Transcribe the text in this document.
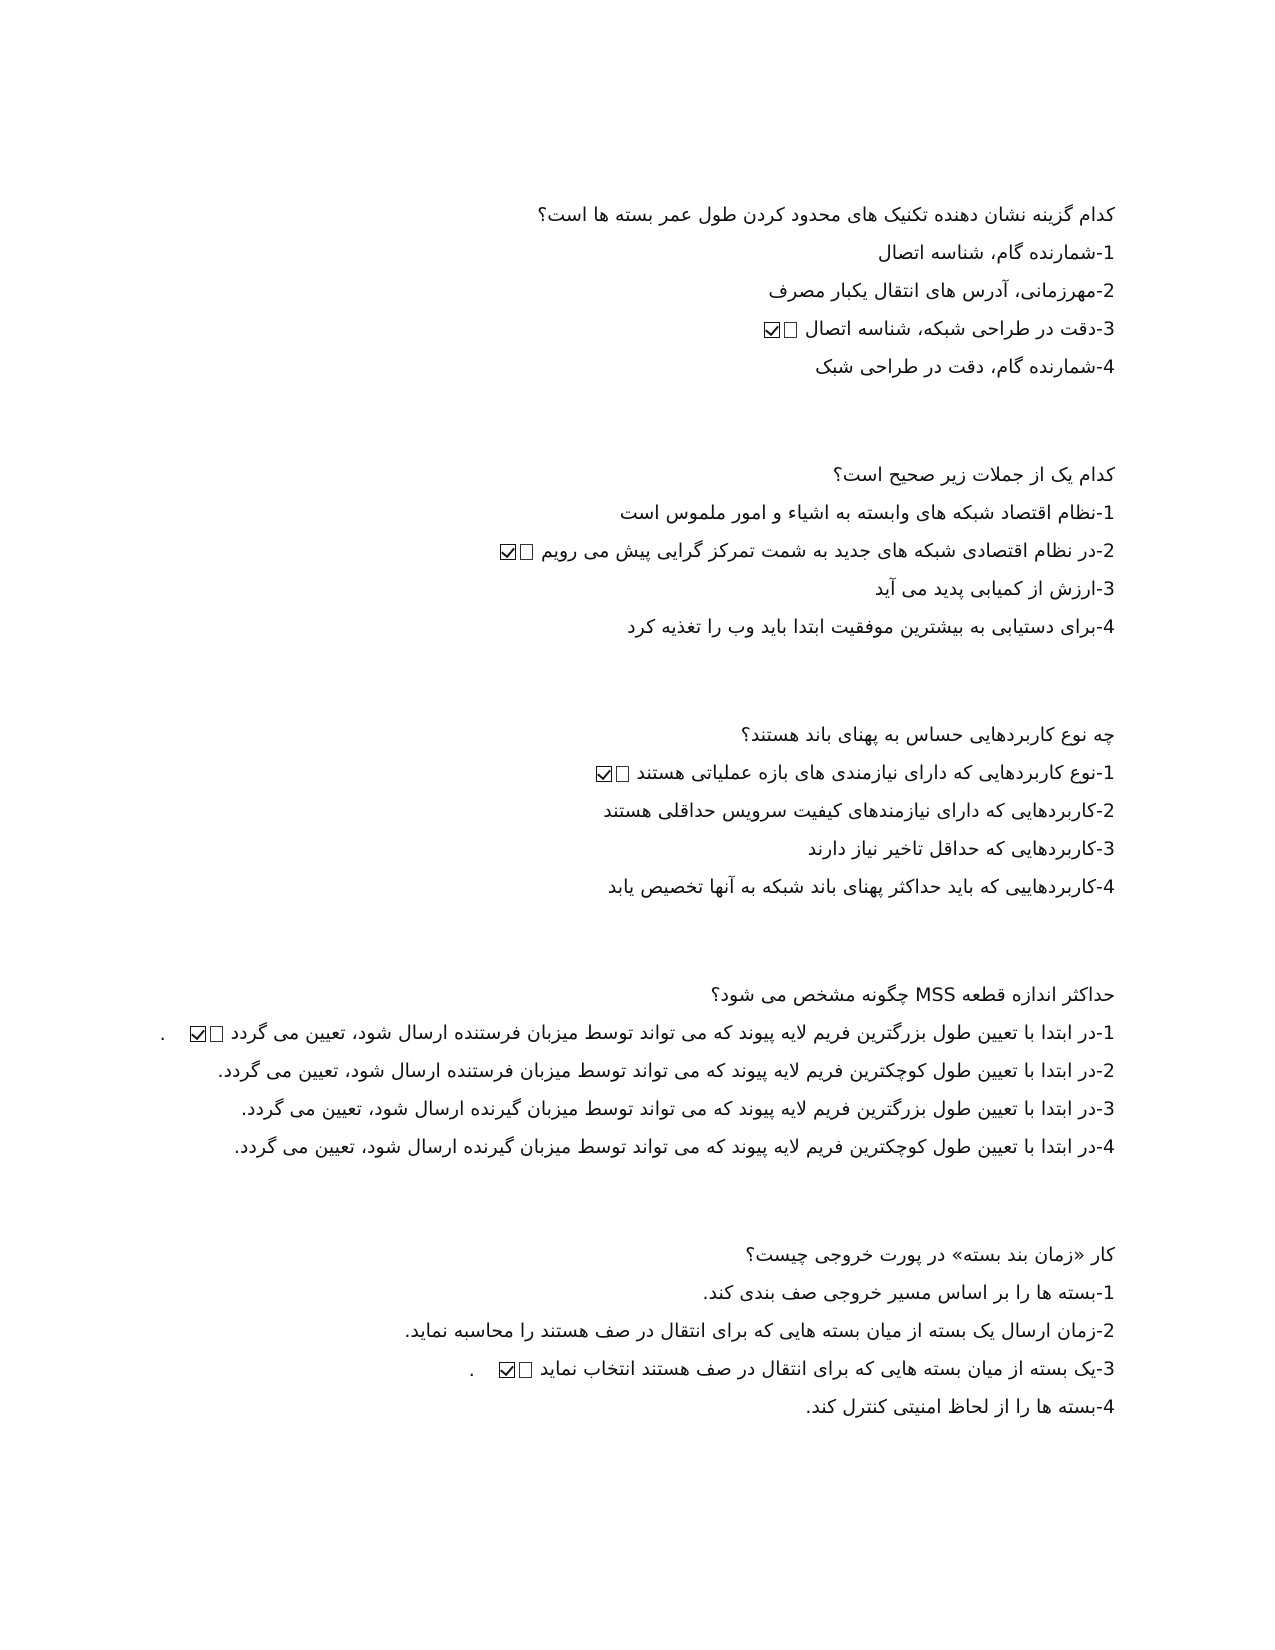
کدام گزینه نشان دهنده تکنیک های محدود کردن طول عمر بسته ها است؟
1-شمارنده گام، شناسه اتصال
2-مهرزمانی، آدرس های انتقال یکبار مصرف
3-دقت در طراحی شبکه، شناسه اتصال
4-شمارنده گام، دقت در طراحی شبک
کدام یک از جملات زیر صحیح است؟
1-نظام اقتصاد شبکه های وابسته به اشیاء و امور ملموس است
2-در نظام اقتصادی شبکه های جدید به شمت تمرکز گرایی پیش می رویم
3-ارزش از کمیابی پدید می آید
4-برای دستیابی به بیشترین موفقیت ابتدا باید وب را تغذیه کرد
چه نوع کاربردهایی حساس به پهنای باند هستند؟
1-نوع کاربردهایی که دارای نیازمندی های بازه عملیاتی هستند
2-کاربردهایی که دارای نیازمندهای کیفیت سرویس حداقلی هستند
3-کاربردهایی که حداقل تاخیر نیاز دارند
4-کاربردهاییی که باید حداکثر پهنای باند شبکه به آنها تخصیص یابد
حداکثر اندازه قطعه MSS چگونه مشخص می شود؟
1-در ابتدا با تعیین طول بزرگترین فریم لایه پیوند که می تواند توسط میزبان فرستنده ارسال شود، تعیین می گردد.
2-در ابتدا با تعیین طول کوچکترین فریم لایه پیوند که می تواند توسط میزبان فرستنده ارسال شود، تعیین می گردد.
3-در ابتدا با تعیین طول بزرگترین فریم لایه پیوند که می تواند توسط میزبان گیرنده ارسال شود، تعیین می گردد.
4-در ابتدا با تعیین طول کوچکترین فریم لایه پیوند که می تواند توسط میزبان گیرنده ارسال شود، تعیین می گردد.
کار «زمان بند بسته» در پورت خروجی چیست؟
1-بسته ها را بر اساس مسیر خروجی صف بندی کند.
2-زمان ارسال یک بسته از میان بسته هایی که برای انتقال در صف هستند را محاسبه نماید.
3-یک بسته از میان بسته هایی که برای انتقال در صف هستند انتخاب نماید.
4-بسته ها را از لحاظ امنیتی کنترل کند.
